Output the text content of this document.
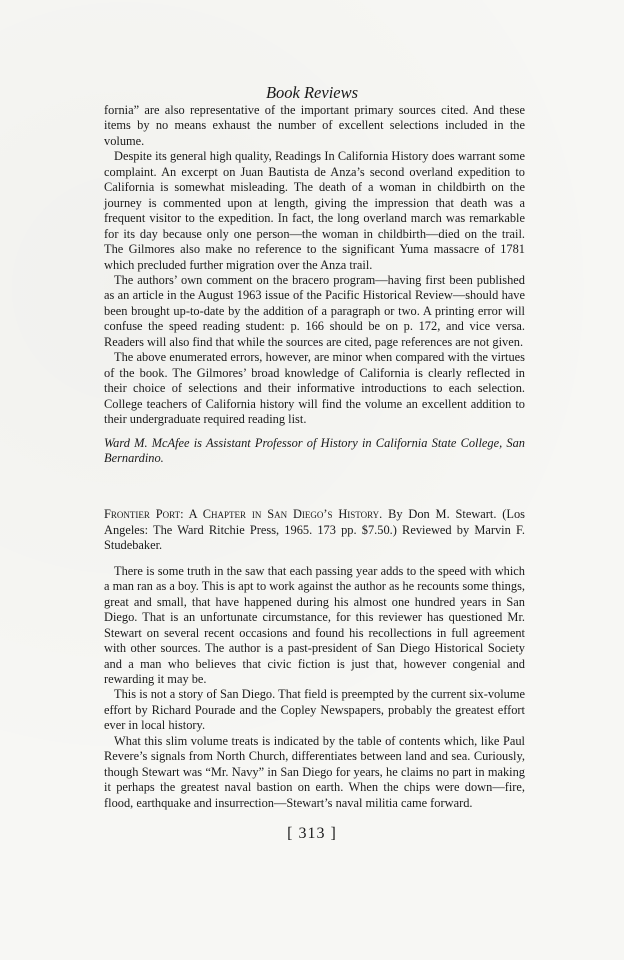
Book Reviews

fornia” are also representative of the important primary sources cited. And these items by no means exhaust the number of excellent selections included in the volume.

Despite its general high quality, Readings In California History does warrant some complaint. An excerpt on Juan Bautista de Anza’s second overland expedition to California is somewhat misleading. The death of a woman in childbirth on the journey is commented upon at length, giving the impression that death was a frequent visitor to the expedition. In fact, the long overland march was remarkable for its day because only one person—the woman in childbirth—died on the trail. The Gilmores also make no reference to the significant Yuma massacre of 1781 which precluded further migration over the Anza trail.

The authors’ own comment on the bracero program—having first been published as an article in the August 1963 issue of the Pacific Historical Review—should have been brought up-to-date by the addition of a paragraph or two. A printing error will confuse the speed reading student: p. 166 should be on p. 172, and vice versa. Readers will also find that while the sources are cited, page references are not given.

The above enumerated errors, however, are minor when compared with the virtues of the book. The Gilmores’ broad knowledge of California is clearly reflected in their choice of selections and their informative introductions to each selection. College teachers of California history will find the volume an excellent addition to their undergraduate required reading list.

Ward M. McAfee is Assistant Professor of History in California State College, San Bernardino.

Frontier Port: A Chapter in San Diego’s History. By Don M. Stewart. (Los Angeles: The Ward Ritchie Press, 1965. 173 pp. $7.50.) Reviewed by Marvin F. Studebaker.

There is some truth in the saw that each passing year adds to the speed with which a man ran as a boy. This is apt to work against the author as he recounts some things, great and small, that have happened during his almost one hundred years in San Diego. That is an unfortunate circumstance, for this reviewer has questioned Mr. Stewart on several recent occasions and found his recollections in full agreement with other sources. The author is a past-president of San Diego Historical Society and a man who believes that civic fiction is just that, however congenial and rewarding it may be.

This is not a story of San Diego. That field is preempted by the current six-volume effort by Richard Pourade and the Copley Newspapers, probably the greatest effort ever in local history.

What this slim volume treats is indicated by the table of contents which, like Paul Revere’s signals from North Church, differentiates between land and sea. Curiously, though Stewart was “Mr. Navy” in San Diego for years, he claims no part in making it perhaps the greatest naval bastion on earth. When the chips were down—fire, flood, earthquake and insurrection—Stewart’s naval militia came forward.

[ 313 ]
